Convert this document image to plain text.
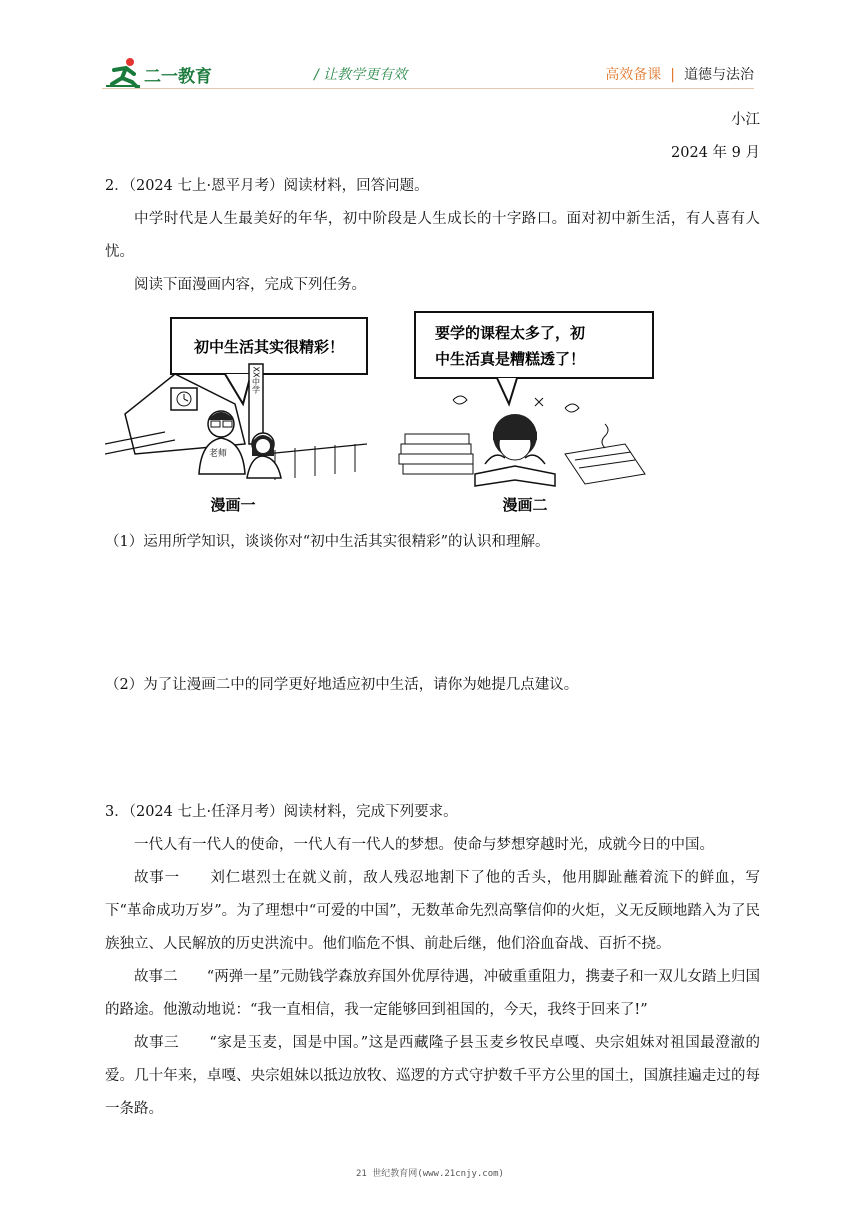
二一教育	/ 让教学更有效	高效备课 | 道德与法治
小江
2024 年 9 月

2．（2024 七上·恩平月考）阅读材料，回答问题。

中学时代是人生最美好的年华，初中阶段是人生成长的十字路口。面对初中新生活，有人喜有人忧。

阅读下面漫画内容，完成下列任务。

初中生活其实很精彩！
XX中学
老师
漫画一
要学的课程太多了，初
中生活真是糟糕透了！
漫画二

（1）运用所学知识，谈谈你对“初中生活其实很精彩”的认识和理解。

（2）为了让漫画二中的同学更好地适应初中生活，请你为她提几点建议。

3．（2024 七上·任泽月考）阅读材料，完成下列要求。

一代人有一代人的使命，一代人有一代人的梦想。使命与梦想穿越时光，成就今日的中国。

故事一　　刘仁堪烈士在就义前，敌人残忍地割下了他的舌头，他用脚趾蘸着流下的鲜血，写下“革命成功万岁”。为了理想中“可爱的中国”，无数革命先烈高擎信仰的火炬，义无反顾地踏入为了民族独立、人民解放的历史洪流中。他们临危不惧、前赴后继，他们浴血奋战、百折不挠。

故事二　　“两弹一星”元勋钱学森放弃国外优厚待遇，冲破重重阻力，携妻子和一双儿女踏上归国的路途。他激动地说：“我一直相信，我一定能够回到祖国的，今天，我终于回来了!”

故事三　　“家是玉麦，国是中国。”这是西藏隆子县玉麦乡牧民卓嘎、央宗姐妹对祖国最澄澈的爱。几十年来，卓嘎、央宗姐妹以抵边放牧、巡逻的方式守护数千平方公里的国土，国旗挂遍走过的每一条路。

21 世纪教育网(www.21cnjy.com)
